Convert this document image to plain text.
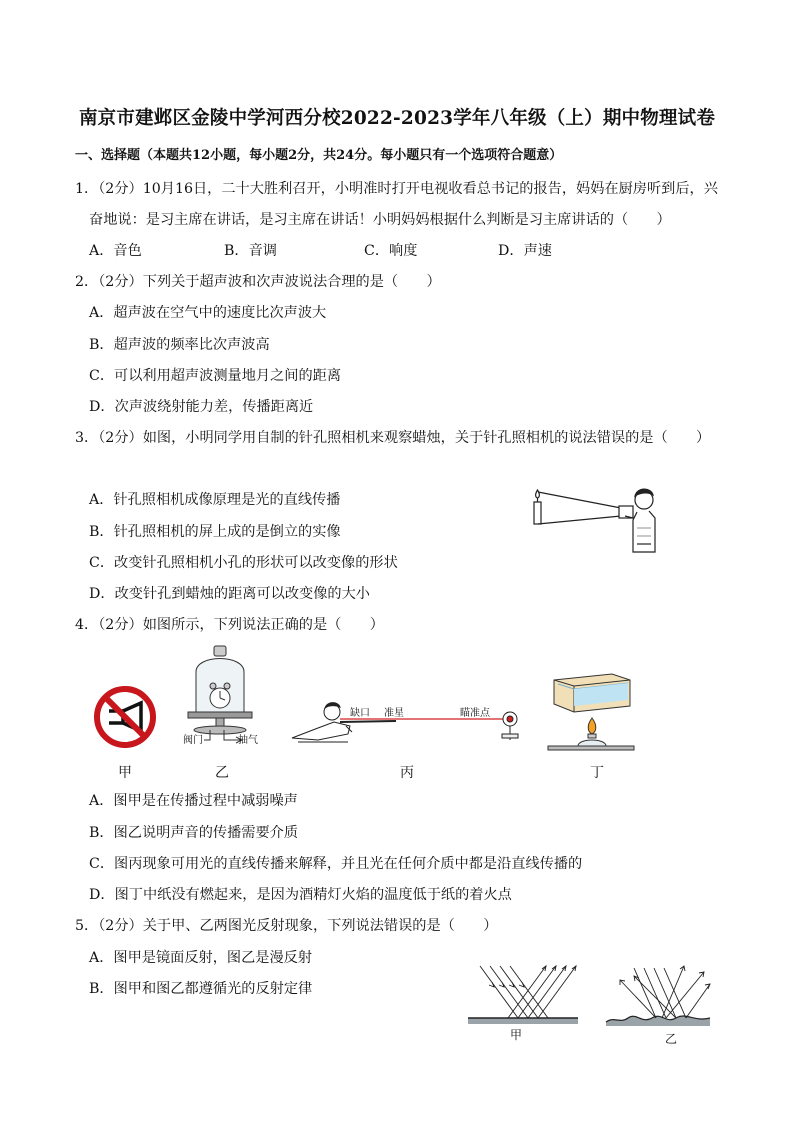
南京市建邺区金陵中学河西分校2022-2023学年八年级（上）期中物理试卷
一、选择题（本题共12小题，每小题2分，共24分。每小题只有一个选项符合题意）
1．（2分）10月16日，二十大胜利召开，小明准时打开电视收看总书记的报告，妈妈在厨房听到后，兴
奋地说：是习主席在讲话，是习主席在讲话！小明妈妈根据什么判断是习主席讲话的（　　）
A．音色	B．音调	C．响度	D．声速
2．（2分）下列关于超声波和次声波说法合理的是（　　）
A．超声波在空气中的速度比次声波大
B．超声波的频率比次声波高
C．可以利用超声波测量地月之间的距离
D．次声波绕射能力差，传播距离近
3．（2分）如图，小明同学用自制的针孔照相机来观察蜡烛，关于针孔照相机的说法错误的是（　　）
A．针孔照相机成像原理是光的直线传播
B．针孔照相机的屏上成的是倒立的实像
C．改变针孔照相机小孔的形状可以改变像的形状
D．改变针孔到蜡烛的距离可以改变像的大小
4．（2分）如图所示，下列说法正确的是（　　）
阀门	抽气
缺口 准星	瞄准点
甲	乙	丙	丁
A．图甲是在传播过程中减弱噪声
B．图乙说明声音的传播需要介质
C．图丙现象可用光的直线传播来解释，并且光在任何介质中都是沿直线传播的
D．图丁中纸没有燃起来，是因为酒精灯火焰的温度低于纸的着火点
5．（2分）关于甲、乙两图光反射现象，下列说法错误的是（　　）
A．图甲是镜面反射，图乙是漫反射
B．图甲和图乙都遵循光的反射定律
甲	乙
